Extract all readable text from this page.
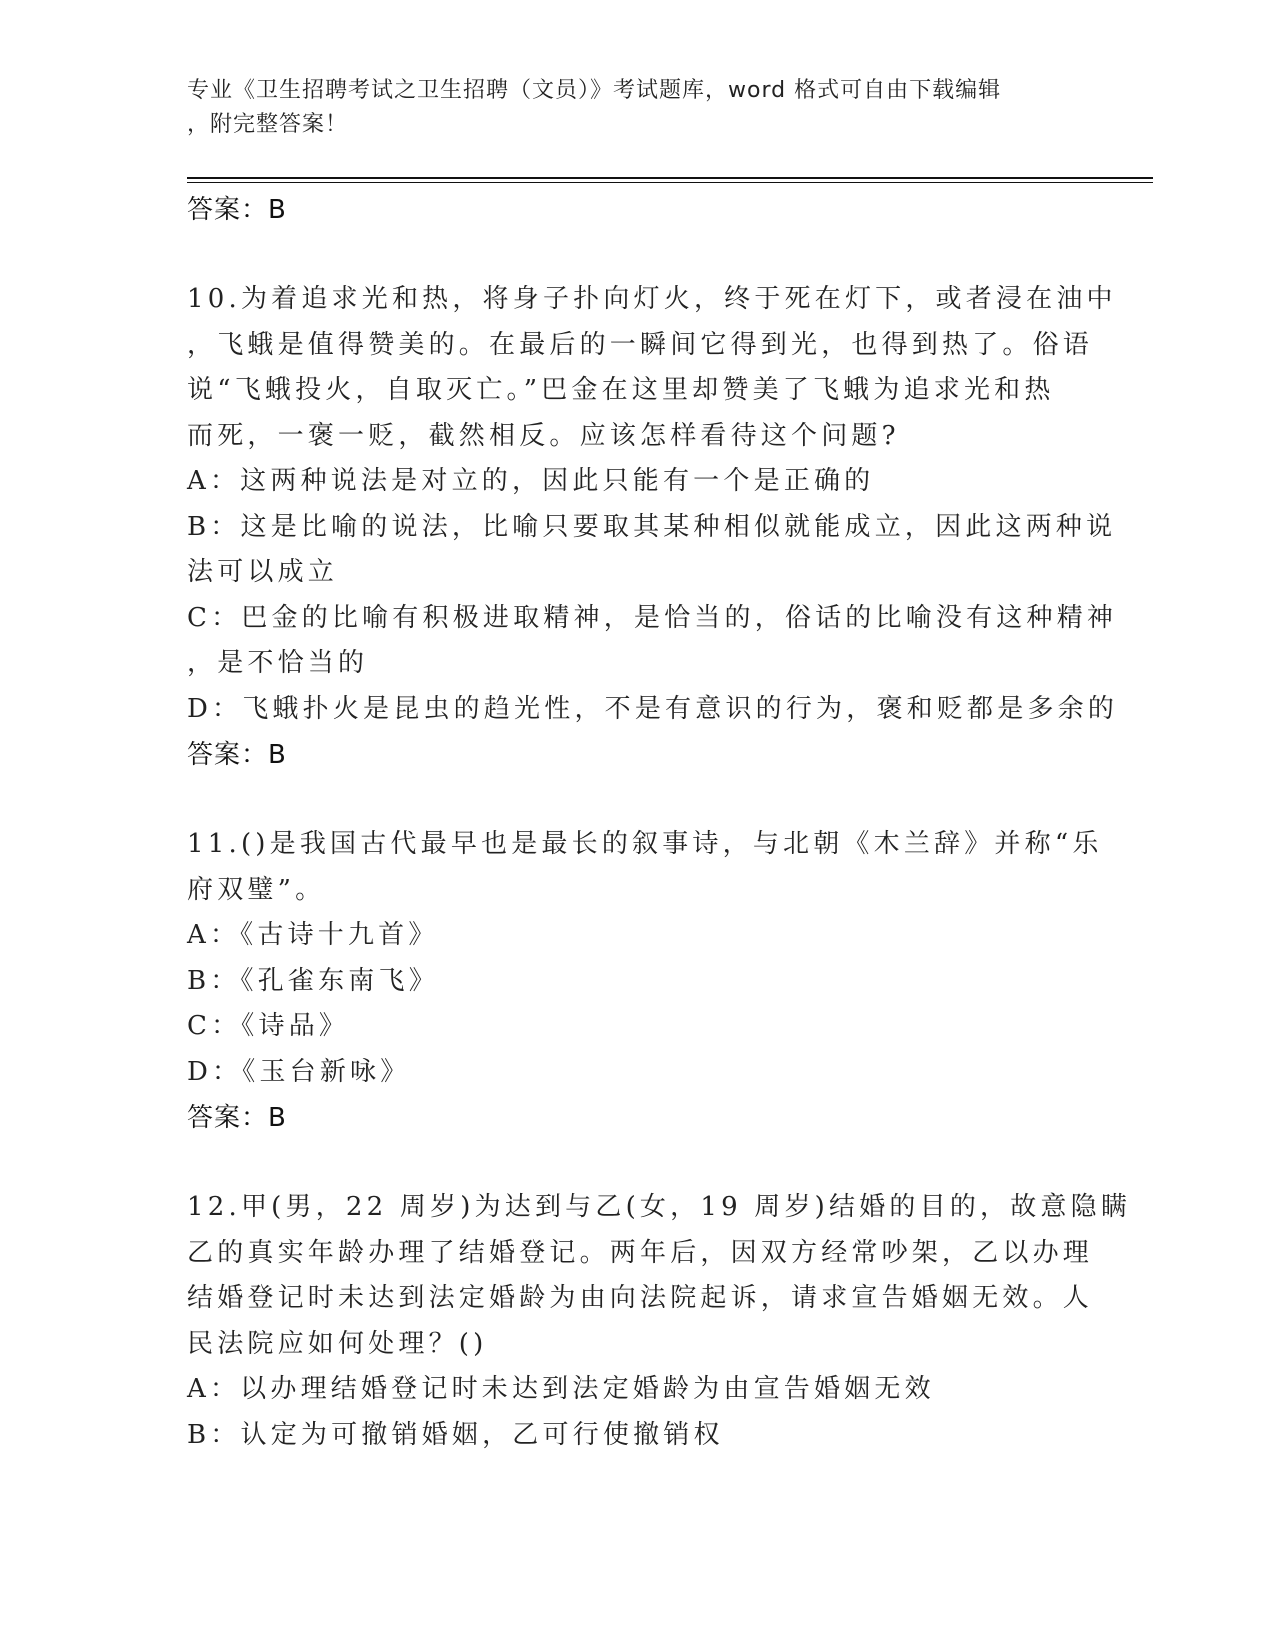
专业《卫生招聘考试之卫生招聘（文员）》考试题库，word 格式可自由下载编辑
，附完整答案！
答案：B
10.为着追求光和热，将身子扑向灯火，终于死在灯下，或者浸在油中
，飞蛾是值得赞美的。在最后的一瞬间它得到光，也得到热了。俗语
说“飞蛾投火，自取灭亡。”巴金在这里却赞美了飞蛾为追求光和热
而死，一褒一贬，截然相反。应该怎样看待这个问题?
A：这两种说法是对立的，因此只能有一个是正确的
B：这是比喻的说法，比喻只要取其某种相似就能成立，因此这两种说
法可以成立
C：巴金的比喻有积极进取精神，是恰当的，俗话的比喻没有这种精神
，是不恰当的
D：飞蛾扑火是昆虫的趋光性，不是有意识的行为，褒和贬都是多余的
答案：B
11.()是我国古代最早也是最长的叙事诗，与北朝《木兰辞》并称“乐
府双璧”。
A：《古诗十九首》
B：《孔雀东南飞》
C：《诗品》
D：《玉台新咏》
答案：B
12.甲(男，22 周岁)为达到与乙(女，19 周岁)结婚的目的，故意隐瞒
乙的真实年龄办理了结婚登记。两年后，因双方经常吵架，乙以办理
结婚登记时未达到法定婚龄为由向法院起诉，请求宣告婚姻无效。人
民法院应如何处理？()
A：以办理结婚登记时未达到法定婚龄为由宣告婚姻无效
B：认定为可撤销婚姻，乙可行使撤销权
